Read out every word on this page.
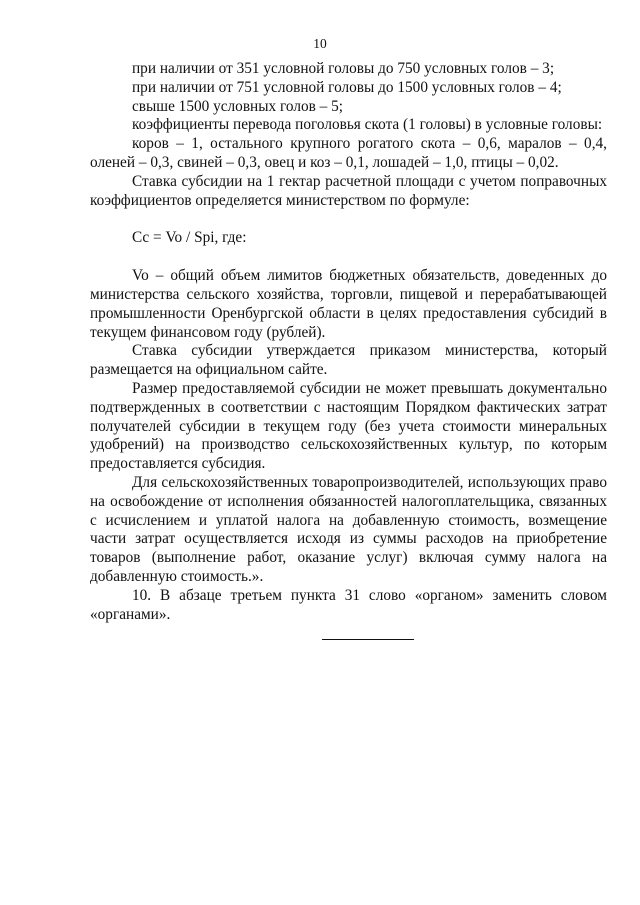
10

при наличии от 351 условной головы до 750 условных голов – 3;

при наличии от 751 условной головы до 1500 условных голов – 4;

свыше 1500 условных голов – 5;

коэффициенты перевода поголовья скота (1 головы) в условные головы:

коров – 1, остального крупного рогатого скота – 0,6, маралов – 0,4, оленей – 0,3, свиней – 0,3, овец и коз – 0,1, лошадей – 1,0, птицы – 0,02.

Ставка субсидии на 1 гектар расчетной площади с учетом поправочных коэффициентов определяется министерством по формуле:

Сс = Vo / Spi, где:

Vo – общий объем лимитов бюджетных обязательств, доведенных до министерства сельского хозяйства, торговли, пищевой и перерабатывающей промышленности Оренбургской области в целях предоставления субсидий в текущем финансовом году (рублей).

Ставка субсидии утверждается приказом министерства, который размещается на официальном сайте.

Размер предоставляемой субсидии не может превышать документально подтвержденных в соответствии с настоящим Порядком фактических затрат получателей субсидии в текущем году (без учета стоимости минеральных удобрений) на производство сельскохозяйственных культур, по которым предоставляется субсидия.

Для сельскохозяйственных товаропроизводителей, использующих право на освобождение от исполнения обязанностей налогоплательщика, связанных с исчислением и уплатой налога на добавленную стоимость, возмещение части затрат осуществляется исходя из суммы расходов на приобретение товаров (выполнение работ, оказание услуг) включая сумму налога на добавленную стоимость.».

10. В абзаце третьем пункта 31 слово «органом» заменить словом «органами».
